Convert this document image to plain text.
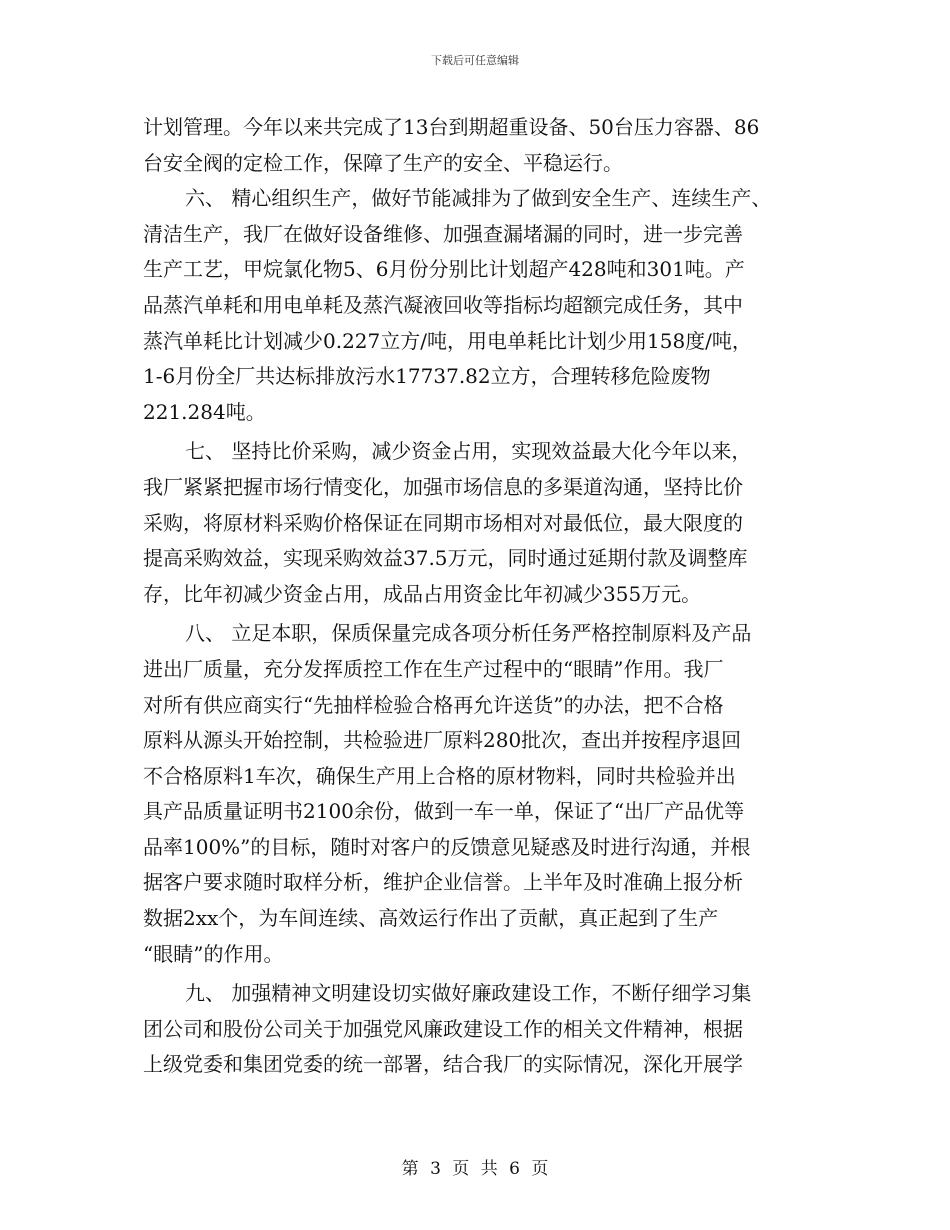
下载后可任意编辑
计划管理。今年以来共完成了13台到期超重设备、50台压力容器、86
台安全阀的定检工作，保障了生产的安全、平稳运行。
六、 精心组织生产，做好节能减排为了做到安全生产、连续生产、
清洁生产，我厂在做好设备维修、加强查漏堵漏的同时，进一步完善
生产工艺，甲烷氯化物5、6月份分别比计划超产428吨和301吨。产
品蒸汽单耗和用电单耗及蒸汽凝液回收等指标均超额完成任务，其中
蒸汽单耗比计划减少0.227立方/吨，用电单耗比计划少用158度/吨，
1-6月份全厂共达标排放污水17737.82立方，合理转移危险废物
221.284吨。
七、 坚持比价采购，减少资金占用，实现效益最大化今年以来，
我厂紧紧把握市场行情变化，加强市场信息的多渠道沟通，坚持比价
采购，将原材料采购价格保证在同期市场相对对最低位，最大限度的
提高采购效益，实现采购效益37.5万元，同时通过延期付款及调整库
存，比年初减少资金占用，成品占用资金比年初减少355万元。
八、 立足本职，保质保量完成各项分析任务严格控制原料及产品
进出厂质量，充分发挥质控工作在生产过程中的“眼睛”作用。我厂
对所有供应商实行“先抽样检验合格再允许送货”的办法，把不合格
原料从源头开始控制，共检验进厂原料280批次，查出并按程序退回
不合格原料1车次，确保生产用上合格的原材物料，同时共检验并出
具产品质量证明书2100余份，做到一车一单，保证了“出厂产品优等
品率100%”的目标，随时对客户的反馈意见疑惑及时进行沟通，并根
据客户要求随时取样分析，维护企业信誉。上半年及时准确上报分析
数据2xx个，为车间连续、高效运行作出了贡献，真正起到了生产
“眼睛”的作用。
九、 加强精神文明建设切实做好廉政建设工作，不断仔细学习集
团公司和股份公司关于加强党风廉政建设工作的相关文件精神，根据
上级党委和集团党委的统一部署，结合我厂的实际情况，深化开展学
第 3 页 共 6 页
